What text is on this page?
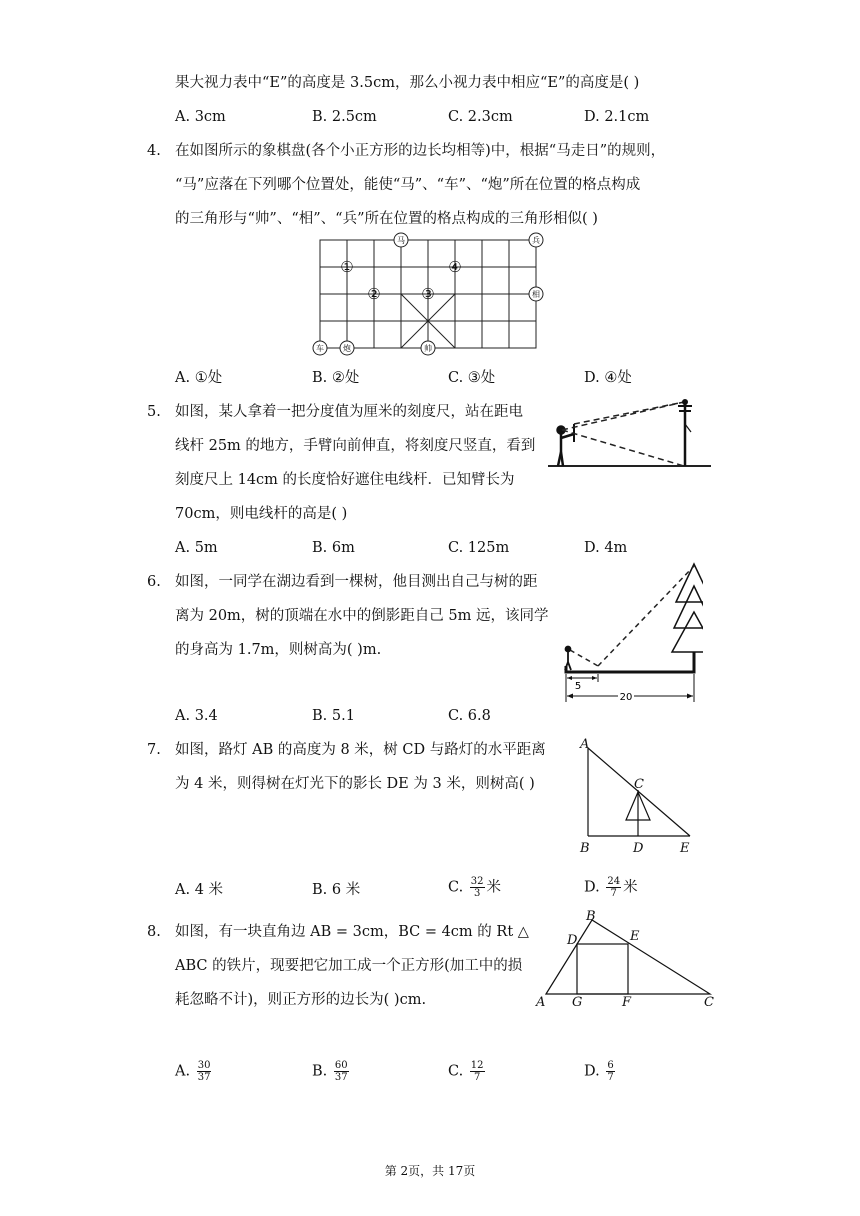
果大视力表中“E”的高度是 3.5cm，那么小视力表中相应“E”的高度是( )
A. 3cm	B. 2.5cm	C. 2.3cm	D. 2.1cm
4. 在如图所示的象棋盘(各个小正方形的边长均相等)中，根据“马走日”的规则，
“马”应落在下列哪个位置处，能使“马”、“车”、“炮”所在位置的格点构成
的三角形与“帅”、“相”、“兵”所在位置的格点构成的三角形相似( )
马	兵
相
车 炮	帅
①
②	③
④
A. ①处	B. ②处	C. ③处	D. ④处
5. 如图，某人拿着一把分度值为厘米的刻度尺，站在距电
线杆 25m 的地方，手臂向前伸直，将刻度尺竖直，看到
刻度尺上 14cm 的长度恰好遮住电线杆．已知臂长为
70cm，则电线杆的高是( )
A. 5m	B. 6m	C. 125m	D. 4m
6. 如图，一同学在湖边看到一棵树，他目测出自己与树的距
离为 20m，树的顶端在水中的倒影距自己 5m 远，该同学
的身高为 1.7m，则树高为( )m.
5
20
A. 3.4	B. 5.1	C. 6.8
7. 如图，路灯 AB 的高度为 8 米，树 CD 与路灯的水平距离
为 4 米，则得树在灯光下的影长 DE 为 3 米，则树高( )
A
B
C
D	E
A. 4 米	B. 6 米	C. $\frac{32}{3}$ 米	D. $\frac{24}{7}$ 米
8. 如图，有一块直角边 AB = 3cm，BC = 4cm 的 Rt △
ABC 的铁片，现要把它加工成一个正方形(加工中的损
耗忽略不计)，则正方形的边长为( )cm.	A
B
C
D	E
F
G
A. $\frac{30}{37}$	B. $\frac{60}{37}$	C. $\frac{12}{7}$	D. $\frac{6}{7}$
第 2页，共 17页
